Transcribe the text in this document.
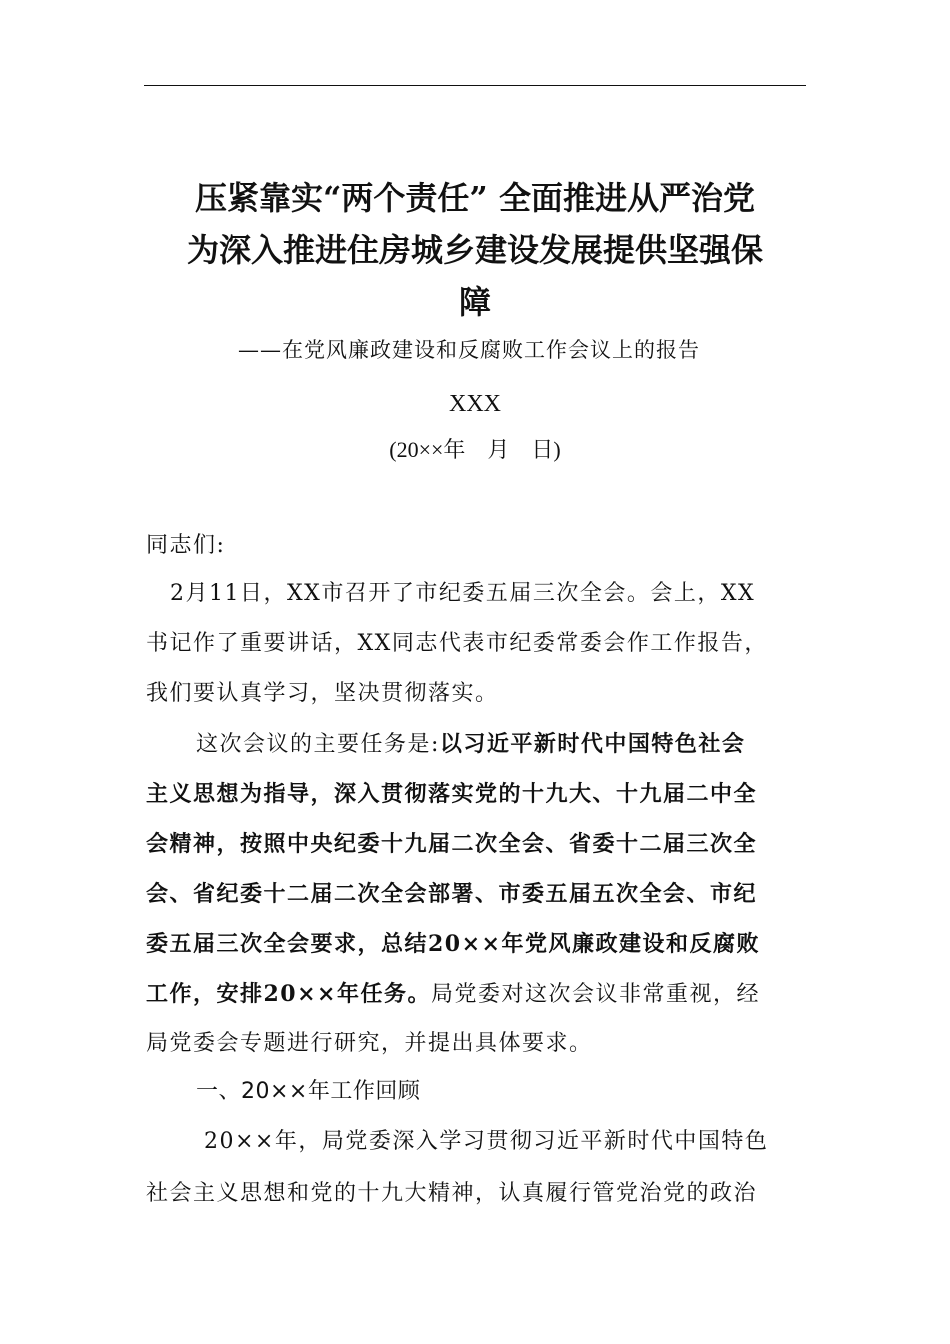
压紧靠实“两个责任” 全面推进从严治党
为深入推进住房城乡建设发展提供坚强保
障
——在党风廉政建设和反腐败工作会议上的报告
XXX
(20××年　月　日)
同志们:
2月11日，XX市召开了市纪委五届三次全会。会上，XX
书记作了重要讲话，XX同志代表市纪委常委会作工作报告，
我们要认真学习，坚决贯彻落实。
这次会议的主要任务是:以习近平新时代中国特色社会
主义思想为指导，深入贯彻落实党的十九大、十九届二中全
会精神，按照中央纪委十九届二次全会、省委十二届三次全
会、省纪委十二届二次全会部署、市委五届五次全会、市纪
委五届三次全会要求，总结20××年党风廉政建设和反腐败
工作，安排20××年任务。局党委对这次会议非常重视，经
局党委会专题进行研究，并提出具体要求。
一、20××年工作回顾
20××年，局党委深入学习贯彻习近平新时代中国特色
社会主义思想和党的十九大精神，认真履行管党治党的政治
